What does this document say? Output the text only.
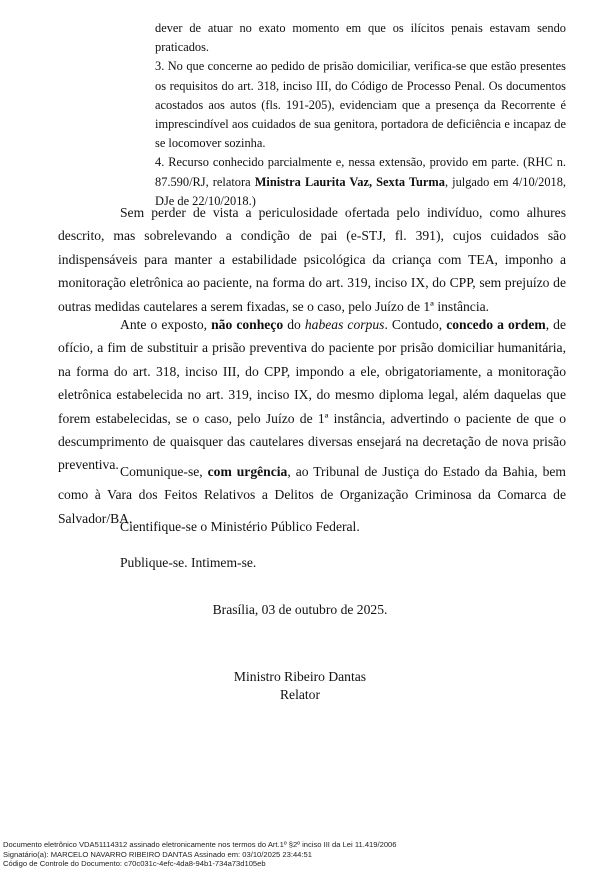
dever de atuar no exato momento em que os ilícitos penais estavam sendo praticados.

3. No que concerne ao pedido de prisão domiciliar, verifica-se que estão presentes os requisitos do art. 318, inciso III, do Código de Processo Penal. Os documentos acostados aos autos (fls. 191-205), evidenciam que a presença da Recorrente é imprescindível aos cuidados de sua genitora, portadora de deficiência e incapaz de se locomover sozinha.

4. Recurso conhecido parcialmente e, nessa extensão, provido em parte. (RHC n. 87.590/RJ, relatora Ministra Laurita Vaz, Sexta Turma, julgado em 4/10/2018, DJe de 22/10/2018.)

Sem perder de vista a periculosidade ofertada pelo indivíduo, como alhures descrito, mas sobrelevando a condição de pai (e-STJ, fl. 391), cujos cuidados são indispensáveis para manter a estabilidade psicológica da criança com TEA, imponho a monitoração eletrônica ao paciente, na forma do art. 319, inciso IX, do CPP, sem prejuízo de outras medidas cautelares a serem fixadas, se o caso, pelo Juízo de 1ª instância.

Ante o exposto, não conheço do habeas corpus. Contudo, concedo a ordem, de ofício, a fim de substituir a prisão preventiva do paciente por prisão domiciliar humanitária, na forma do art. 318, inciso III, do CPP, impondo a ele, obrigatoriamente, a monitoração eletrônica estabelecida no art. 319, inciso IX, do mesmo diploma legal, além daquelas que forem estabelecidas, se o caso, pelo Juízo de 1ª instância, advertindo o paciente de que o descumprimento de quaisquer das cautelares diversas ensejará na decretação de nova prisão preventiva. Comunique-se, com urgência, ao Tribunal de Justiça do Estado da Bahia, bem como à Vara dos Feitos Relativos a Delitos de Organização Criminosa da Comarca de Salvador/BA.

Cientifique-se o Ministério Público Federal.
Publique-se. Intimem-se.
Brasília, 03 de outubro de 2025.
Ministro Ribeiro Dantas
Relator
Documento eletrônico VDA51114312 assinado eletronicamente nos termos do Art.1º §2º inciso III da Lei 11.419/2006
Signatário(a): MARCELO NAVARRO RIBEIRO DANTAS Assinado em: 03/10/2025 23:44:51
Código de Controle do Documento: c70c031c-4efc-4da8-94b1-734a73d105eb
